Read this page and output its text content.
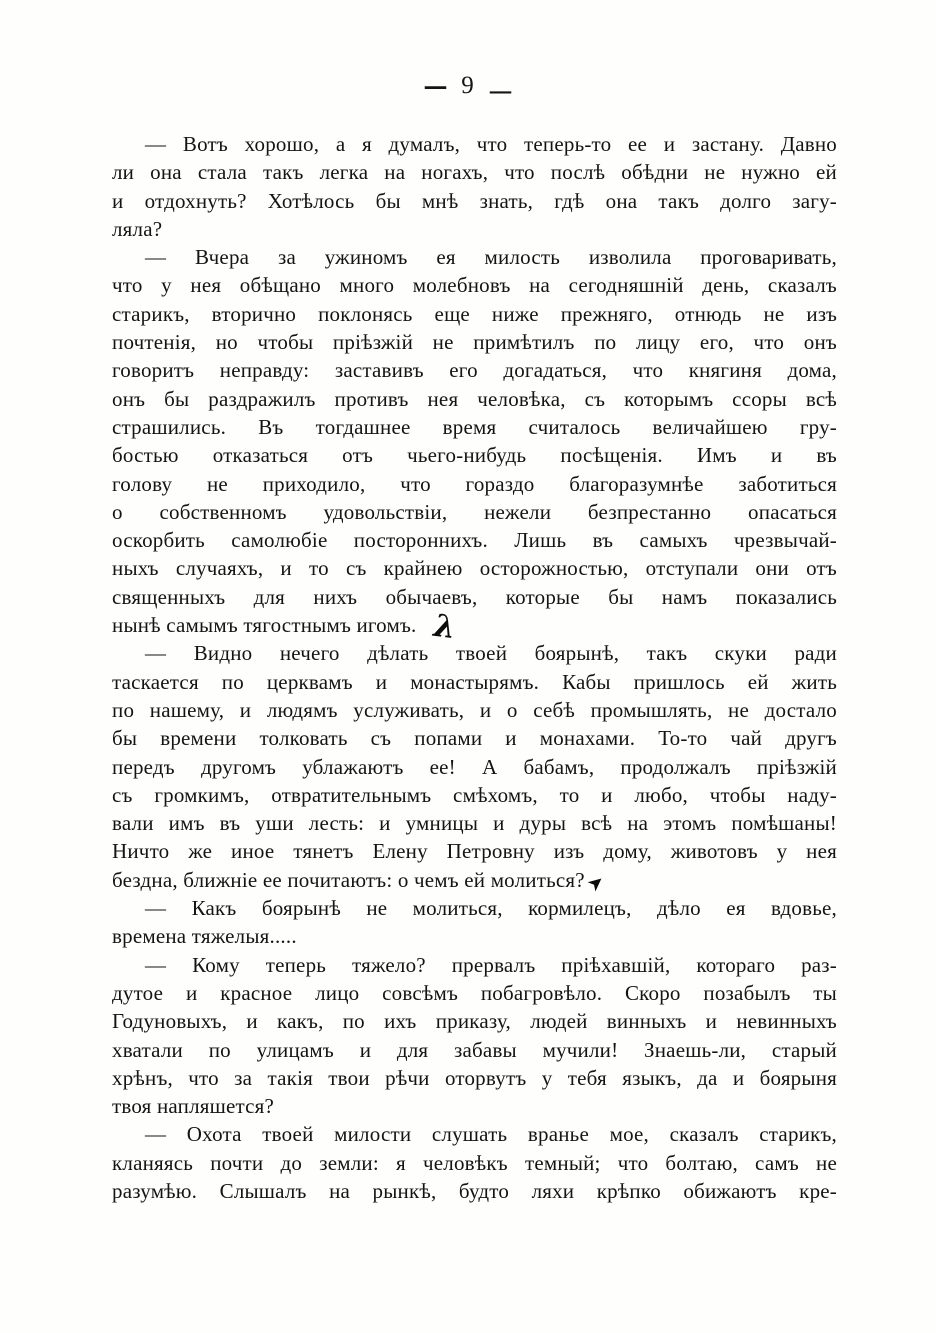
— 9 —

— Вотъ хорошо, а я думалъ, что теперь-то ее и застану. Давно
ли она стала такъ легка на ногахъ, что послѣ обѣдни не нужно ей
и отдохнуть? Хотѣлось бы мнѣ знать, гдѣ она такъ долго загу-
ляла?

— Вчера за ужиномъ ея милость изволила проговаривать,
что у нея обѣщано много молебновъ на сегодняшній день, сказалъ
старикъ, вторично поклонясь еще ниже прежняго, отнюдь не изъ
почтенія, но чтобы пріѣзжій не примѣтилъ по лицу его, что онъ
говоритъ неправду: заставивъ его догадаться, что княгиня дома,
онъ бы раздражилъ противъ нея человѣка, съ которымъ ссоры всѣ
страшились. Въ тогдашнее время считалось величайшею гру-
бостью отказаться отъ чьего-нибудь посѣщенія. Имъ и въ
голову не приходило, что гораздо благоразумнѣе заботиться
о собственномъ удовольствіи, нежели безпрестанно опасаться
оскорбить самолюбіе постороннихъ. Лишь въ самыхъ чрезвычай-
ныхъ случаяхъ, и то съ крайнею осторожностью, отступали они отъ
священныхъ для нихъ обычаевъ, которые бы намъ показались
нынѣ самымъ тягостнымъ игомъ. λ

— Видно нечего дѣлать твоей боярынѣ, такъ скуки ради
таскается по церквамъ и монастырямъ. Кабы пришлось ей жить
по нашему, и людямъ услуживать, и о себѣ промышлять, не достало
бы времени толковать съ попами и монахами. То-то чай другъ
передъ другомъ ублажаютъ ее! А бабамъ, продолжалъ пріѣзжій
съ громкимъ, отвратительнымъ смѣхомъ, то и любо, чтобы наду-
вали имъ въ уши лесть: и умницы и дуры всѣ на этомъ помѣшаны!
Ничто же иное тянетъ Елену Петровну изъ дому, животовъ у нея
бездна, ближніе ее почитаютъ: о чемъ ей молиться?➤

— Какъ боярынѣ не молиться, кормилецъ, дѣло ея вдовье,
времена тяжелыя.....

— Кому теперь тяжело? прервалъ пріѣхавшій, котораго раз-
дутое и красное лицо совсѣмъ побагровѣло. Скоро позабылъ ты
Годуновыхъ, и какъ, по ихъ приказу, людей винныхъ и невинныхъ
хватали по улицамъ и для забавы мучили! Знаешь-ли, старый
хрѣнъ, что за такія твои рѣчи оторвутъ у тебя языкъ, да и боярыня
твоя напляшется?

— Охота твоей милости слушать вранье мое, сказалъ старикъ,
кланяясь почти до земли: я человѣкъ темный; что болтаю, самъ не
разумѣю. Слышалъ на рынкѣ, будто ляхи крѣпко обижаютъ кре-
